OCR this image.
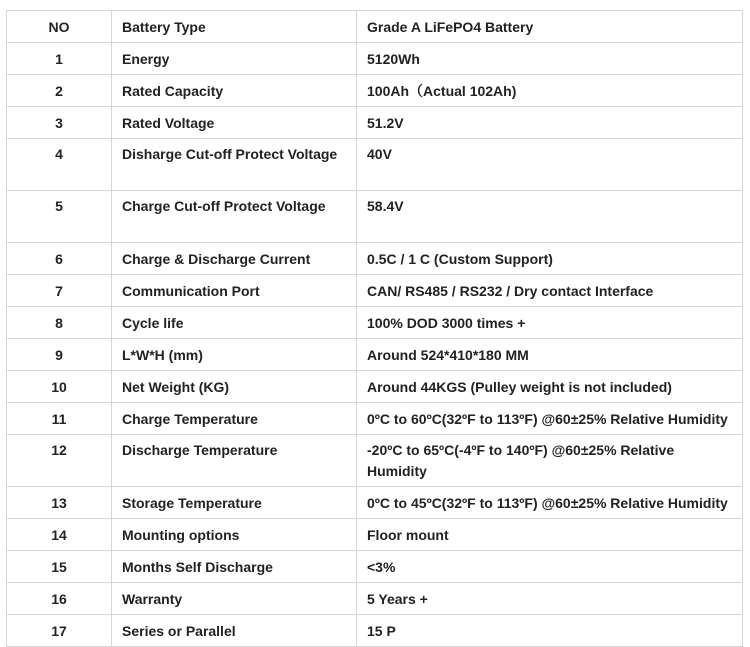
NO	Battery Type	Grade A LiFePO4 Battery

1	Energy	5120Wh

2	Rated Capacity	100Ah（Actual 102Ah)

3	Rated Voltage	51.2V

4	Disharge Cut-off Protect Voltage	40V

5	Charge Cut-off Protect Voltage	58.4V

6	Charge & Discharge Current	0.5C / 1 C (Custom Support)

7	Communication Port	CAN/ RS485 / RS232 / Dry contact Interface

8	Cycle life	100% DOD 3000 times +

9	L*W*H (mm)	Around 524*410*180 MM

10	Net Weight (KG)	Around 44KGS (Pulley weight is not included)

11	Charge Temperature	0ºC to 60ºC(32ºF to 113ºF) @60±25% Relative Humidity

12	Discharge Temperature	-20ºC to 65ºC(-4ºF to 140ºF) @60±25% Relative Humidity

13	Storage Temperature	0ºC to 45ºC(32ºF to 113ºF) @60±25% Relative Humidity

14	Mounting options	Floor mount

15	Months Self Discharge	<3%

16	Warranty	5 Years +

17	Series or Parallel	15 P
